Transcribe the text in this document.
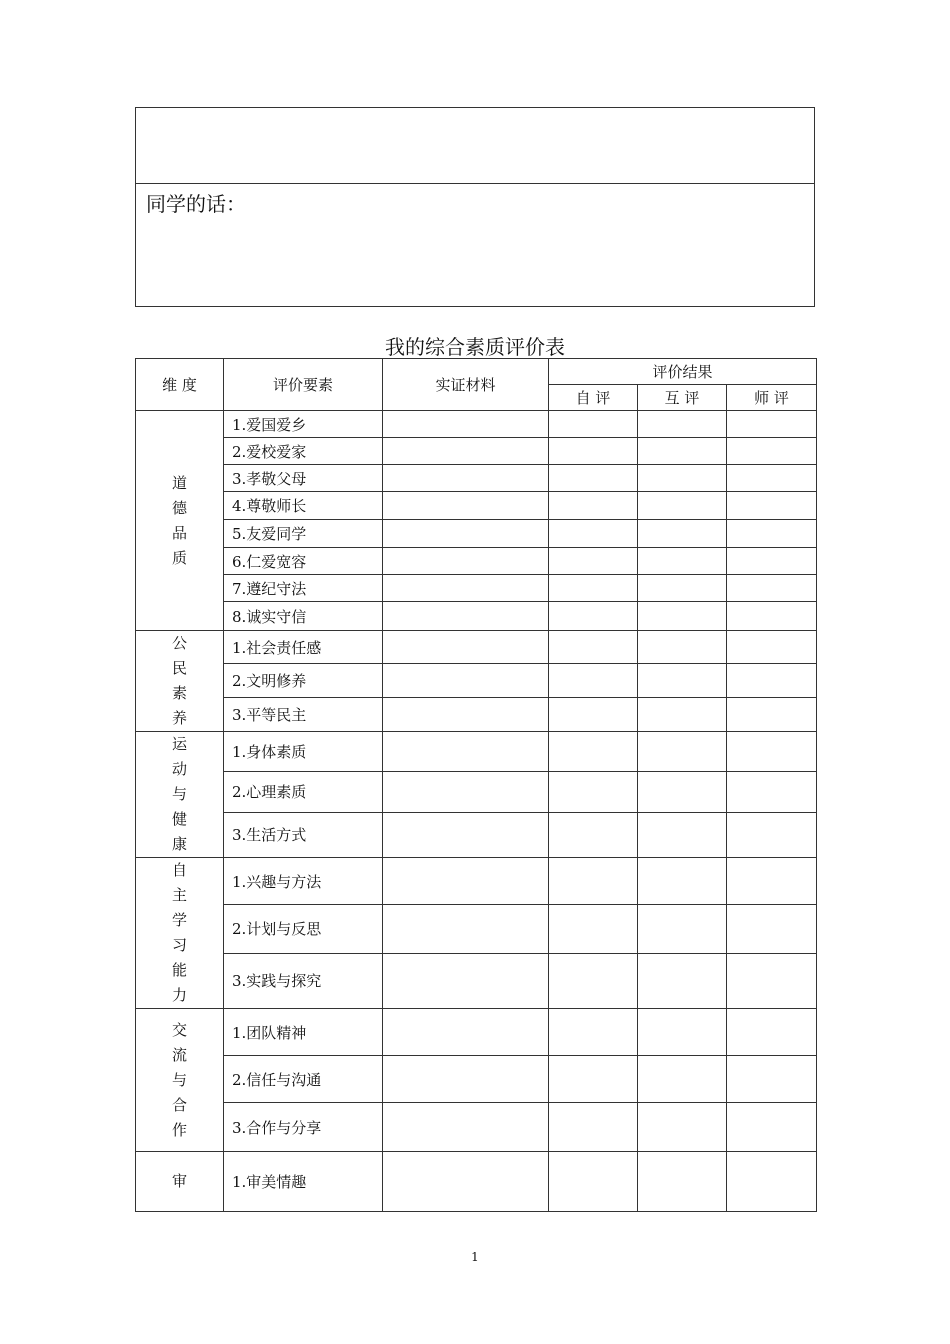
同学的话：
我的综合素质评价表
维 度	评价要素	实证材料	评价结果		
			自 评	互 评	师 评
道德品质	1.爱国爱乡				
	2.爱校爱家				
	3.孝敬父母				
	4.尊敬师长				
	5.友爱同学				
	6.仁爱宽容				
	7.遵纪守法				
	8.诚实守信				
公民素养	1.社会责任感				
	2.文明修养				
	3.平等民主				
运动与健康	1.身体素质				
	2.心理素质				
	3.生活方式				
自主学习能力	1.兴趣与方法				
	2.计划与反思				
	3.实践与探究				
交流与合作	1.团队精神				
	2.信任与沟通				
	3.合作与分享				
审	1.审美情趣				
1
